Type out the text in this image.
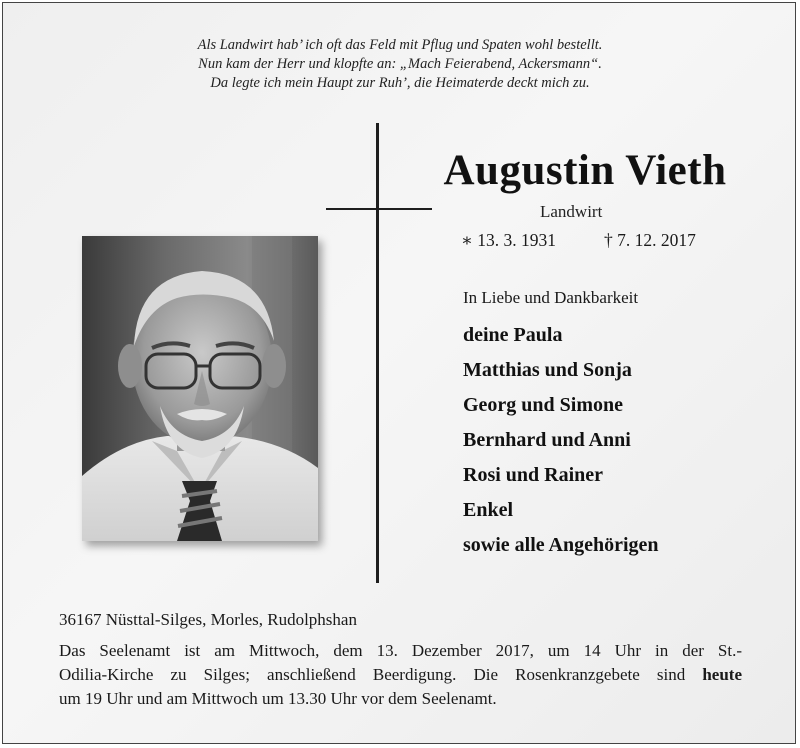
Als Landwirt hab’ ich oft das Feld mit Pflug und Spaten wohl bestellt.
Nun kam der Herr und klopfte an: „Mach Feierabend, Ackersmann“.
Da legte ich mein Haupt zur Ruh’, die Heimaterde deckt mich zu.
Augustin Vieth
Landwirt
∗ 13. 3. 1931	† 7. 12. 2017
In Liebe und Dankbarkeit
deine Paula
Matthias und Sonja
Georg und Simone
Bernhard und Anni
Rosi und Rainer
Enkel
sowie alle Angehörigen
36167 Nüsttal-Silges, Morles, Rudolphshan
Das Seelenamt ist am Mittwoch, dem 13. Dezember 2017, um 14 Uhr in der St.-
Odilia-Kirche zu Silges; anschließend Beerdigung. Die Rosenkranzgebete sind heute
um 19 Uhr und am Mittwoch um 13.30 Uhr vor dem Seelenamt.
